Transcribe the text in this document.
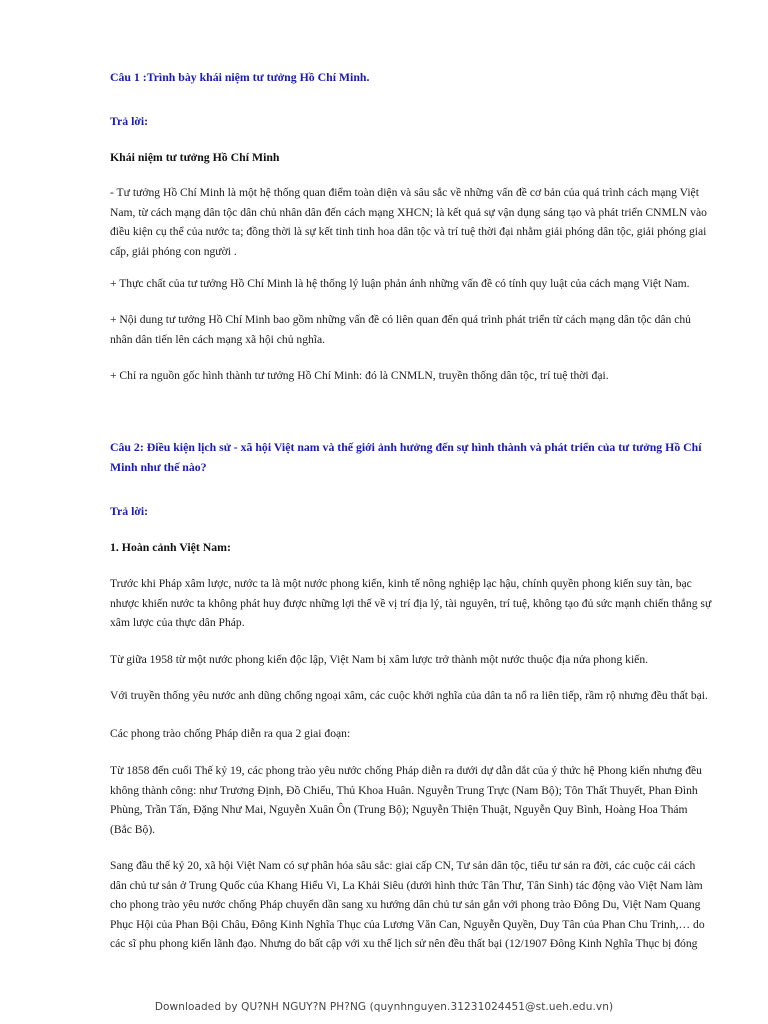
Câu 1 :Trình bày khái niệm tư tưởng Hồ Chí Minh.

Trả lời:

Khái niệm tư tưởng Hồ Chí Minh

- Tư tưởng Hồ Chí Minh là một hệ thống quan điểm toàn diện và sâu sắc về những vấn đề cơ bản của quá trình cách mạng Việt Nam, từ cách mạng dân tộc dân chủ nhân dân đến cách mạng XHCN; là kết quả sự vận dụng sáng tạo và phát triển CNMLN vào điều kiện cụ thể của nước ta; đồng thời là sự kết tinh tinh hoa dân tộc và trí tuệ thời đại nhằm giải phóng dân tộc, giải phóng giai cấp, giải phóng con người .

+ Thực chất của tư tưởng Hồ Chí Minh là hệ thống lý luận phản ánh những vấn đề có tính quy luật của cách mạng Việt Nam.

+ Nội dung tư tưởng Hồ Chí Minh bao gồm những vấn đề có liên quan đến quá trình phát triển từ cách mạng dân tộc dân chủ nhân dân tiến lên cách mạng xã hội chủ nghĩa.

+ Chỉ ra nguồn gốc hình thành tư tưởng Hồ Chí Minh: đó là CNMLN, truyền thống dân tộc, trí tuệ thời đại.

Câu 2: Điều kiện lịch sử - xã hội Việt nam và thế giới ảnh hưởng đến sự hình thành và phát triển của tư tưởng Hồ Chí Minh như thế nào?

Trả lời:

1. Hoàn cảnh Việt Nam:

Trước khi Pháp xâm lược, nước ta là một nước phong kiến, kinh tế nông nghiệp lạc hậu, chính quyền phong kiến suy tàn, bạc nhược khiến nước ta không phát huy được những lợi thế về vị trí địa lý, tài nguyên, trí tuệ, không tạo đủ sức mạnh chiến thắng sự xâm lược của thực dân Pháp.

Từ giữa 1958 từ một nước phong kiến độc lập, Việt Nam bị xâm lược trở thành một nước thuộc địa nửa phong kiến.

Với truyền thống yêu nước anh dũng chống ngoại xâm, các cuộc khởi nghĩa của dân ta nổ ra liên tiếp, rầm rộ nhưng đều thất bại.

Các phong trào chống Pháp diễn ra qua 2 giai đoạn:

Từ 1858 đến cuối Thế kỷ 19, các phong trào yêu nước chống Pháp diễn ra dưới dự dẫn dắt của ý thức hệ Phong kiến nhưng đều không thành công: như Trương Định, Đồ Chiểu, Thủ Khoa Huân. Nguyễn Trung Trực (Nam Bộ); Tôn Thất Thuyết, Phan Đình Phùng, Trần Tấn, Đặng Như Mai, Nguyễn Xuân Ôn (Trung Bộ); Nguyễn Thiện Thuật, Nguyễn Quy Bình, Hoàng Hoa Thám (Bắc Bộ).

Sang đầu thế kỷ 20, xã hội Việt Nam có sự phân hóa sâu sắc: giai cấp CN, Tư sản dân tộc, tiểu tư sản ra đời, các cuộc cải cách dân chủ tư sản ở Trung Quốc của Khang Hiểu Vi, La Khải Siêu (dưới hình thức Tân Thư, Tân Sinh) tác động vào Việt Nam làm cho phong trào yêu nước chống Pháp chuyển dần sang xu hướng dân chủ tư sản gắn với phong trào Đông Du, Việt Nam Quang Phục Hội của Phan Bội Châu, Đông Kinh Nghĩa Thục của Lương Văn Can, Nguyễn Quyền, Duy Tân của Phan Chu Trinh,… do các sĩ phu phong kiến lãnh đạo. Nhưng do bất cập với xu thế lịch sử nên đều thất bại (12/1907 Đông Kinh Nghĩa Thục bị đóng

Downloaded by QU?NH NGUY?N PH?NG (quynhnguyen.31231024451@st.ueh.edu.vn)
